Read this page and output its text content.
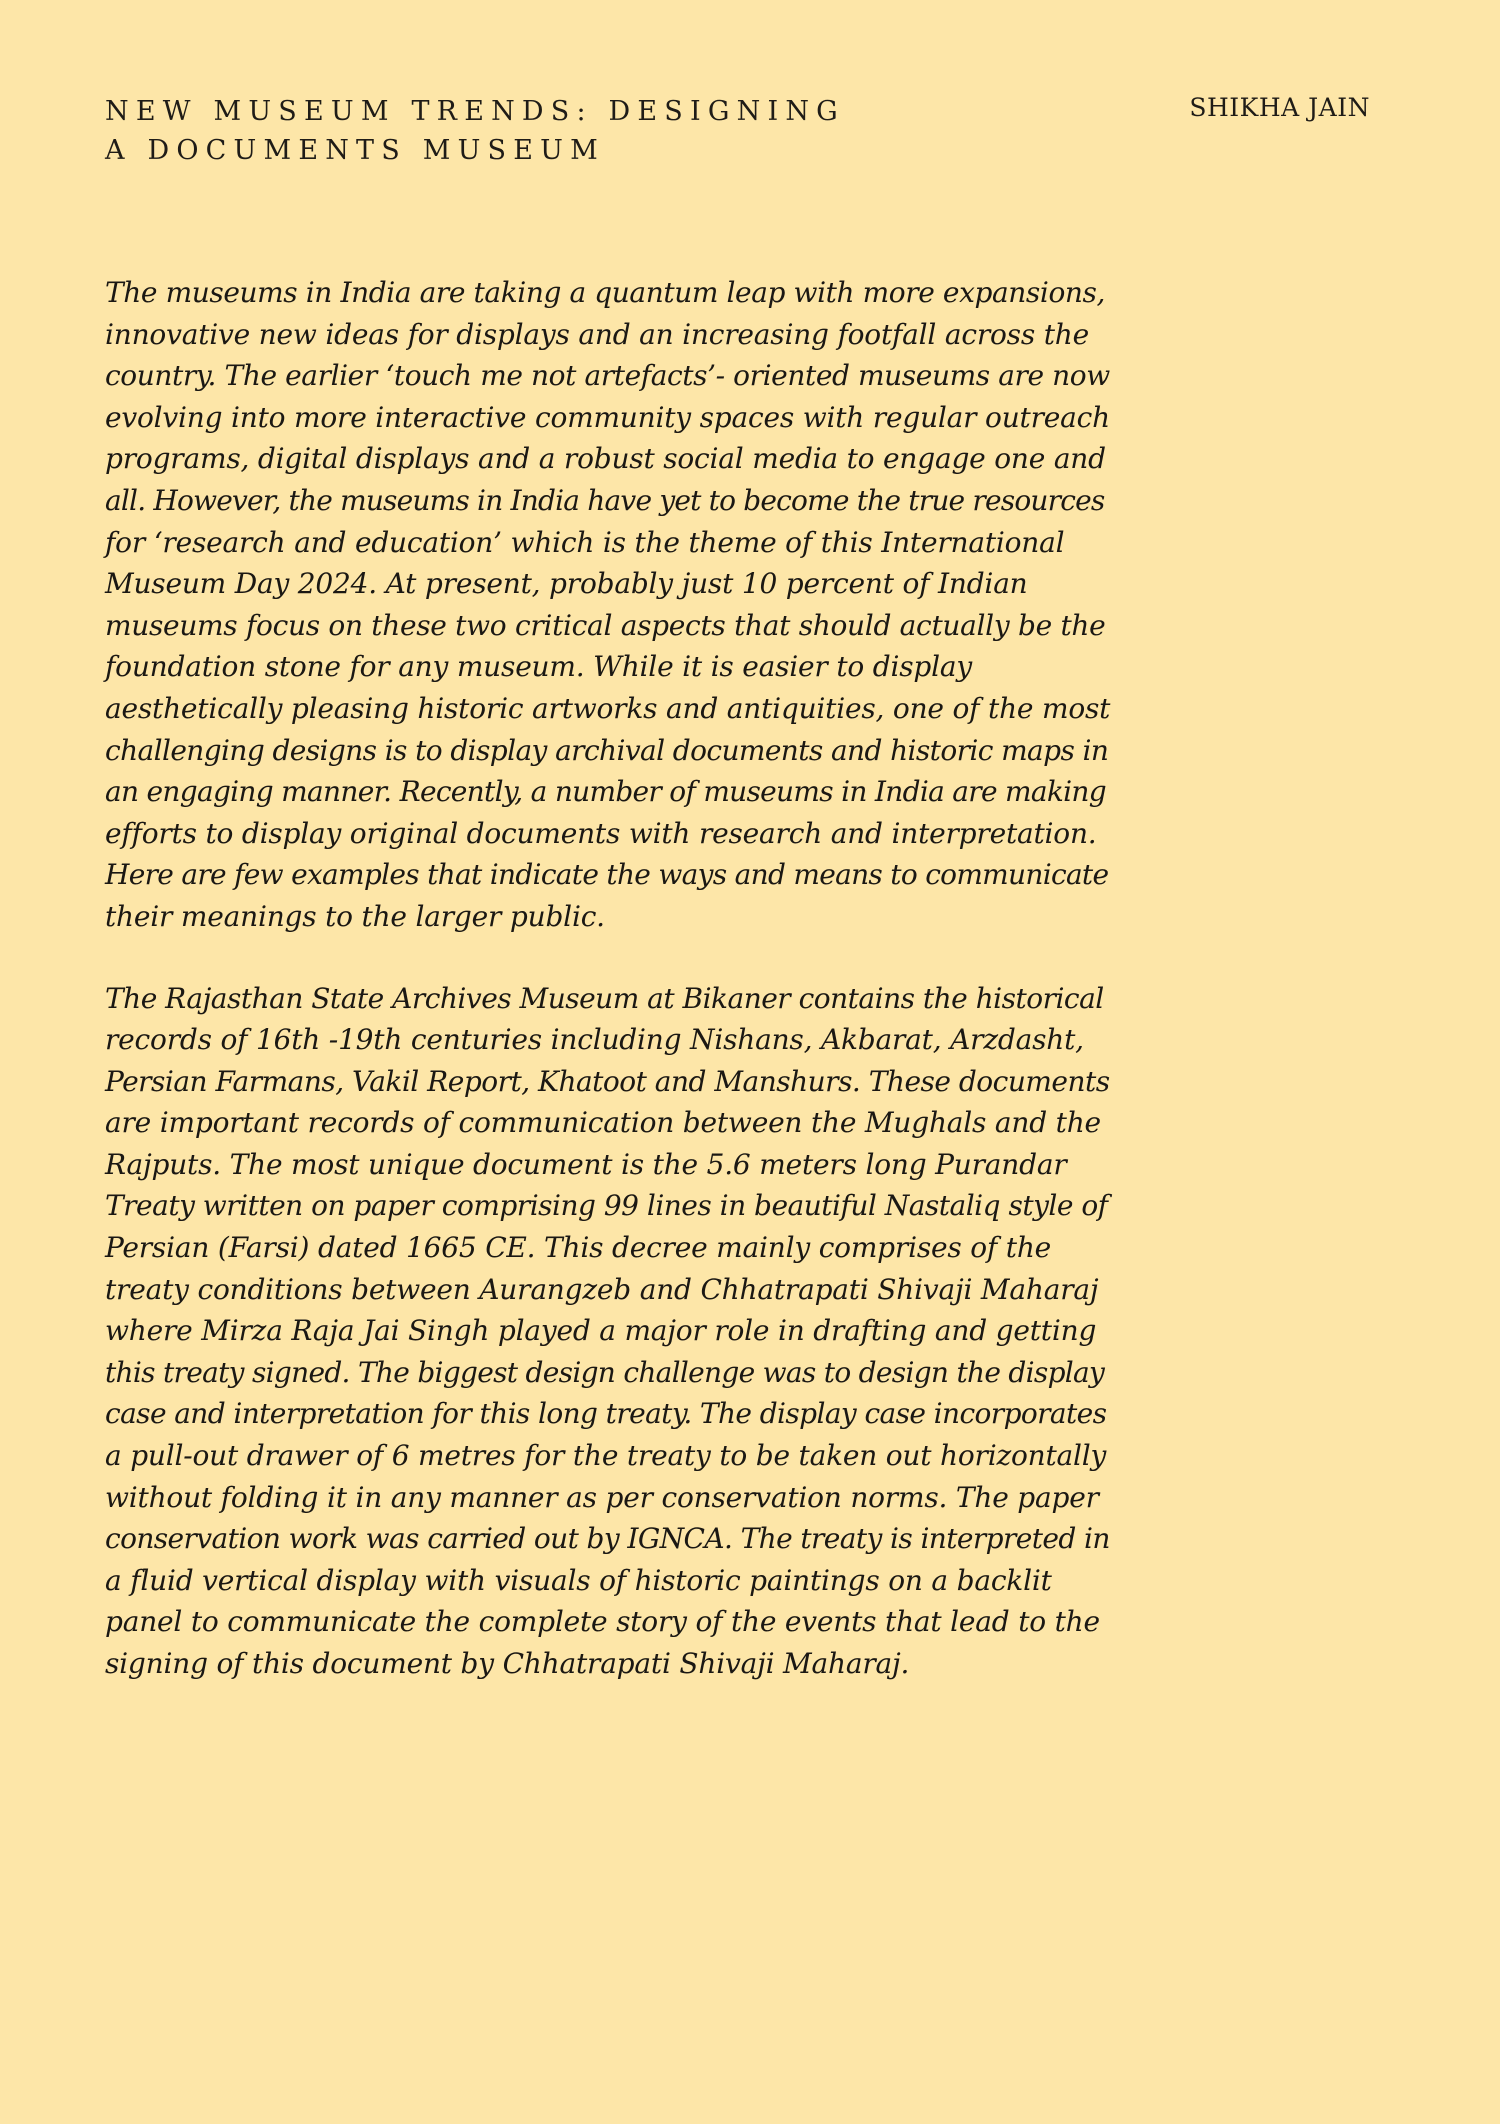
NEW MUSEUM TRENDS: DESIGNING
A DOCUMENTS MUSEUM
SHIKHA JAIN

The museums in India are taking a quantum leap with more expansions,
innovative new ideas for displays and an increasing footfall across the
country. The earlier ‘touch me not artefacts’- oriented museums are now
evolving into more interactive community spaces with regular outreach
programs, digital displays and a robust social media to engage one and
all. However, the museums in India have yet to become the true resources
for ‘research and education’ which is the theme of this International
Museum Day 2024. At present, probably just 10 percent of Indian
museums focus on these two critical aspects that should actually be the
foundation stone for any museum. While it is easier to display
aesthetically pleasing historic artworks and antiquities, one of the most
challenging designs is to display archival documents and historic maps in
an engaging manner. Recently, a number of museums in India are making
efforts to display original documents with research and interpretation.
Here are few examples that indicate the ways and means to communicate
their meanings to the larger public.

The Rajasthan State Archives Museum at Bikaner contains the historical
records of 16th -19th centuries including Nishans, Akbarat, Arzdasht,
Persian Farmans, Vakil Report, Khatoot and Manshurs. These documents
are important records of communication between the Mughals and the
Rajputs. The most unique document is the 5.6 meters long Purandar
Treaty written on paper comprising 99 lines in beautiful Nastaliq style of
Persian (Farsi) dated 1665 CE. This decree mainly comprises of the
treaty conditions between Aurangzeb and Chhatrapati Shivaji Maharaj
where Mirza Raja Jai Singh played a major role in drafting and getting
this treaty signed. The biggest design challenge was to design the display
case and interpretation for this long treaty. The display case incorporates
a pull-out drawer of 6 metres for the treaty to be taken out horizontally
without folding it in any manner as per conservation norms. The paper
conservation work was carried out by IGNCA. The treaty is interpreted in
a fluid vertical display with visuals of historic paintings on a backlit
panel to communicate the complete story of the events that lead to the
signing of this document by Chhatrapati Shivaji Maharaj.
